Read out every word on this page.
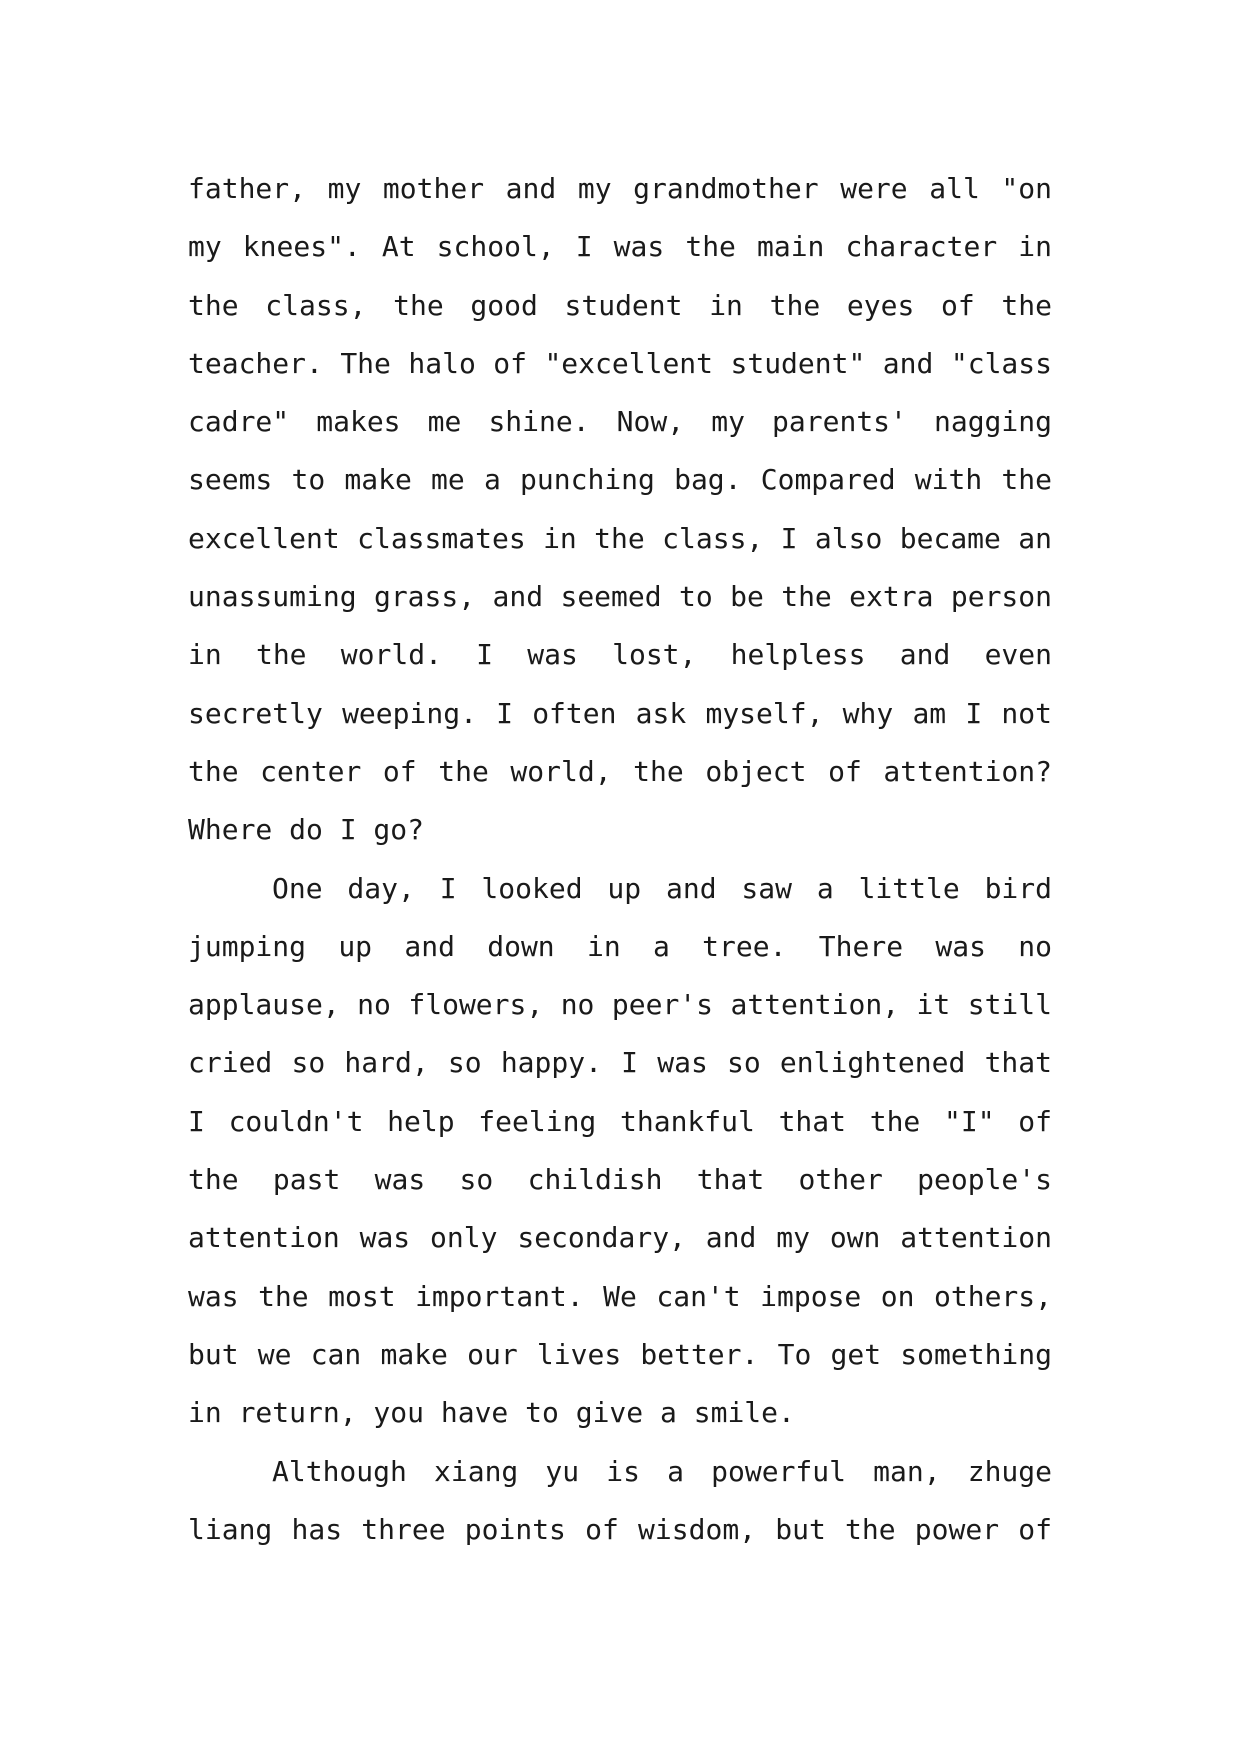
father, my mother and my grandmother were all "on
my knees". At school, I was the main character in
the class, the good student in the eyes of the
teacher. The halo of "excellent student" and "class
cadre" makes me shine. Now, my parents' nagging
seems to make me a punching bag. Compared with the
excellent classmates in the class, I also became an
unassuming grass, and seemed to be the extra person
in the world. I was lost, helpless and even
secretly weeping. I often ask myself, why am I not
the center of the world, the object of attention?
Where do I go?
One day, I looked up and saw a little bird
jumping up and down in a tree. There was no
applause, no flowers, no peer's attention, it still
cried so hard, so happy. I was so enlightened that
I couldn't help feeling thankful that the "I" of
the past was so childish that other people's
attention was only secondary, and my own attention
was the most important. We can't impose on others,
but we can make our lives better. To get something
in return, you have to give a smile.
Although xiang yu is a powerful man, zhuge
liang has three points of wisdom, but the power of
